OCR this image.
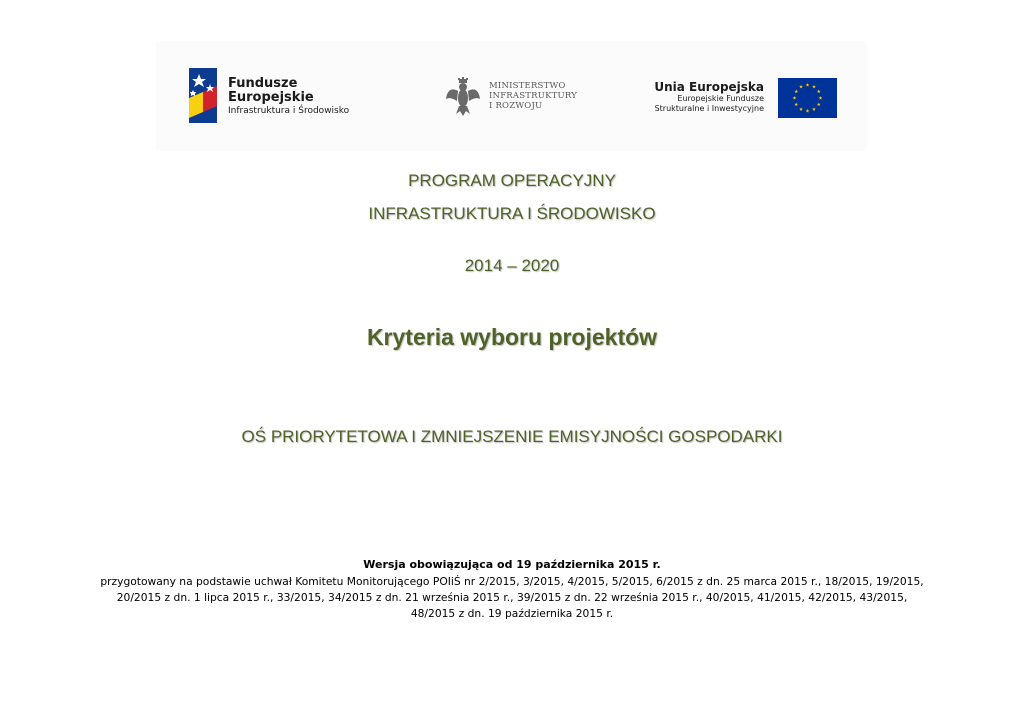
Fundusze
Europejskie
Infrastruktura i Środowisko
MINISTERSTWO
INFRASTRUKTURY
I ROZWOJU
Unia Europejska
Europejskie Fundusze
Strukturalne i Inwestycyjne
PROGRAM OPERACYJNY
INFRASTRUKTURA I ŚRODOWISKO
2014 – 2020
Kryteria wyboru projektów
OŚ PRIORYTETOWA I ZMNIEJSZENIE EMISYJNOŚCI GOSPODARKI
Wersja obowiązująca od 19 października 2015 r.
przygotowany na podstawie uchwał Komitetu Monitorującego POIiŚ nr 2/2015, 3/2015, 4/2015, 5/2015, 6/2015 z dn. 25 marca 2015 r., 18/2015, 19/2015,
20/2015 z dn. 1 lipca 2015 r., 33/2015, 34/2015 z dn. 21 września 2015 r., 39/2015 z dn. 22 września 2015 r., 40/2015, 41/2015, 42/2015, 43/2015,
48/2015 z dn. 19 października 2015 r.
